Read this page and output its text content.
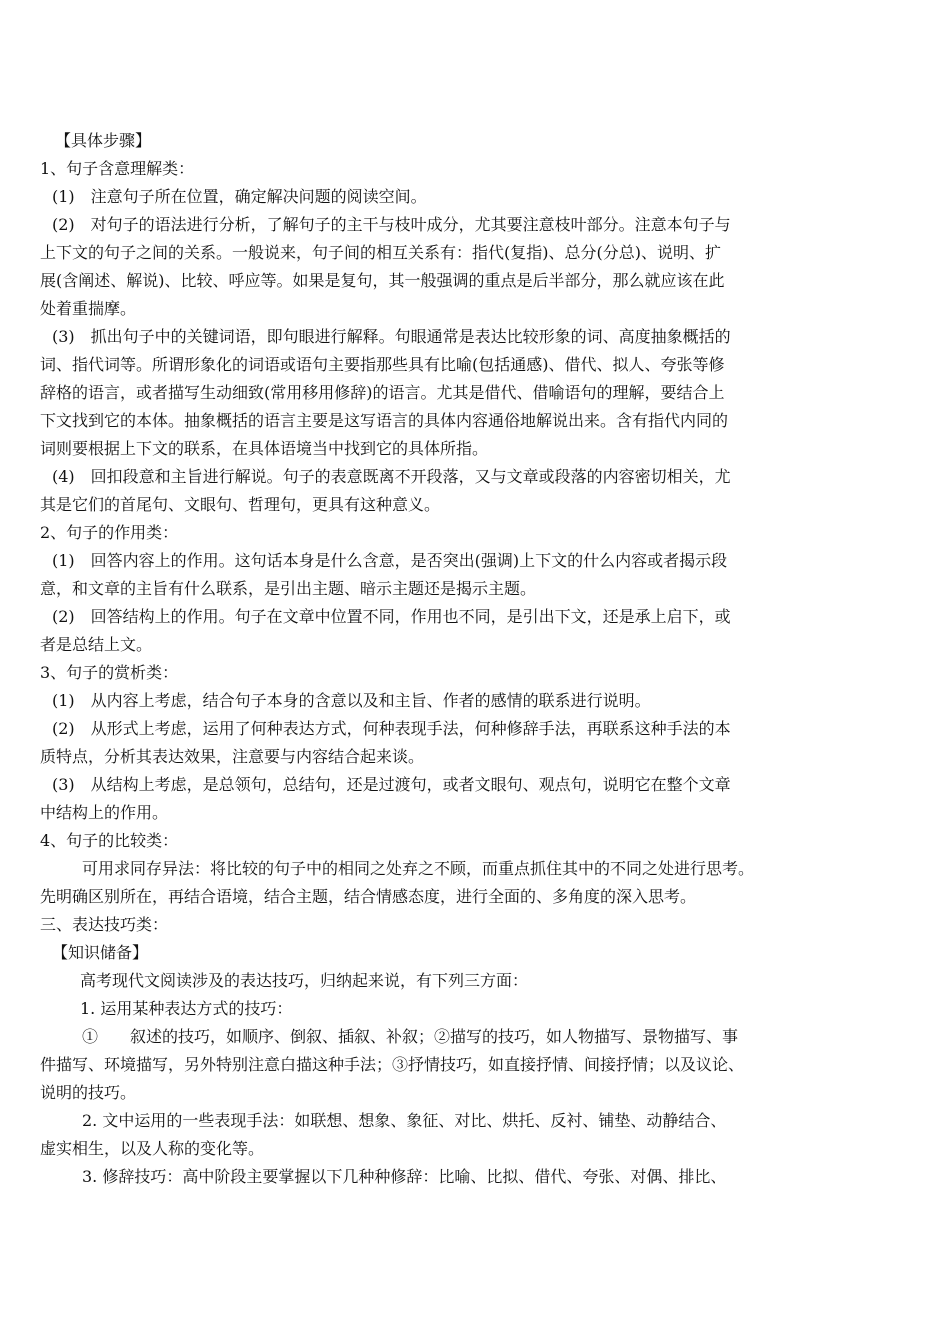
【具体步骤】
1、句子含意理解类：
(1)　注意句子所在位置，确定解决问题的阅读空间。
(2)　对句子的语法进行分析，了解句子的主干与枝叶成分，尤其要注意枝叶部分。注意本句子与
上下文的句子之间的关系。一般说来，句子间的相互关系有：指代(复指)、总分(分总)、说明、扩
展(含阐述、解说)、比较、呼应等。如果是复句，其一般强调的重点是后半部分，那么就应该在此
处着重揣摩。
(3)　抓出句子中的关键词语，即句眼进行解释。句眼通常是表达比较形象的词、高度抽象概括的
词、指代词等。所谓形象化的词语或语句主要指那些具有比喻(包括通感)、借代、拟人、夸张等修
辞格的语言，或者描写生动细致(常用移用修辞)的语言。尤其是借代、借喻语句的理解，要结合上
下文找到它的本体。抽象概括的语言主要是这写语言的具体内容通俗地解说出来。含有指代内同的
词则要根据上下文的联系，在具体语境当中找到它的具体所指。
(4)　回扣段意和主旨进行解说。句子的表意既离不开段落，又与文章或段落的内容密切相关，尤
其是它们的首尾句、文眼句、哲理句，更具有这种意义。
2、句子的作用类：
(1)　回答内容上的作用。这句话本身是什么含意，是否突出(强调)上下文的什么内容或者揭示段
意，和文章的主旨有什么联系，是引出主题、暗示主题还是揭示主题。
(2)　回答结构上的作用。句子在文章中位置不同，作用也不同，是引出下文，还是承上启下，或
者是总结上文。
3、句子的赏析类：
(1)　从内容上考虑，结合句子本身的含意以及和主旨、作者的感情的联系进行说明。
(2)　从形式上考虑，运用了何种表达方式，何种表现手法，何种修辞手法，再联系这种手法的本
质特点，分析其表达效果，注意要与内容结合起来谈。
(3)　从结构上考虑，是总领句，总结句，还是过渡句，或者文眼句、观点句，说明它在整个文章
中结构上的作用。
4、句子的比较类：
可用求同存异法：将比较的句子中的相同之处弃之不顾，而重点抓住其中的不同之处进行思考。
先明确区别所在，再结合语境，结合主题，结合情感态度，进行全面的、多角度的深入思考。
三、表达技巧类：
【知识储备】
高考现代文阅读涉及的表达技巧，归纳起来说，有下列三方面：
1. 运用某种表达方式的技巧：
①　　叙述的技巧，如顺序、倒叙、插叙、补叙；②描写的技巧，如人物描写、景物描写、事
件描写、环境描写，另外特别注意白描这种手法；③抒情技巧，如直接抒情、间接抒情；以及议论、
说明的技巧。
2. 文中运用的一些表现手法：如联想、想象、象征、对比、烘托、反衬、铺垫、动静结合、
虚实相生，以及人称的变化等。
3. 修辞技巧：高中阶段主要掌握以下几种种修辞：比喻、比拟、借代、夸张、对偶、排比、
